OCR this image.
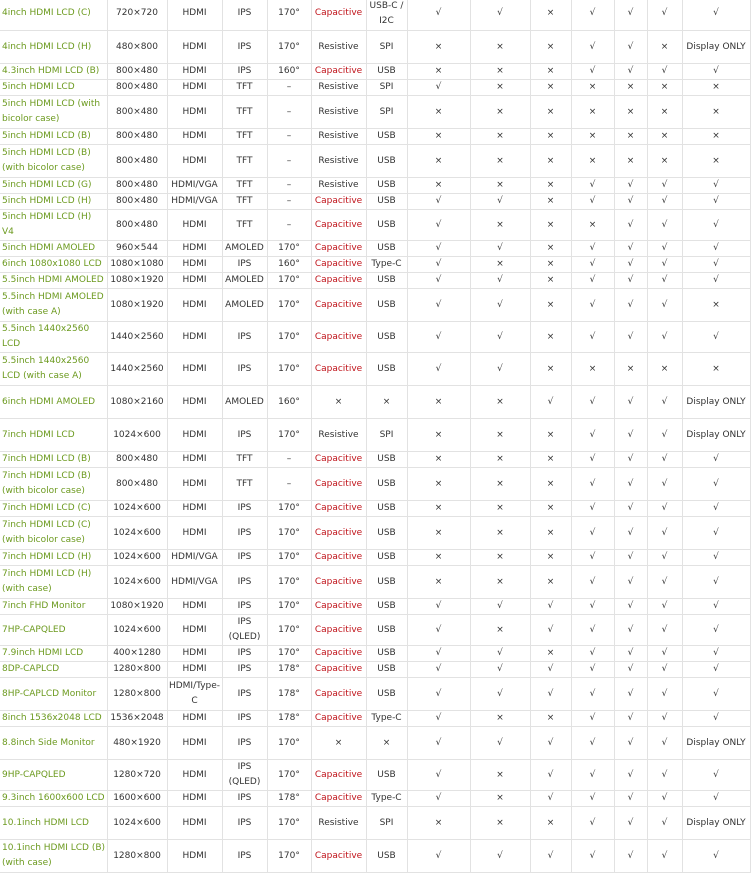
4inch HDMI LCD (C)	720×720	HDMI	IPS	170°	Capacitive	USB-C / I2C	√	√	×	√	√	√	√
4inch HDMI LCD (H)	480×800	HDMI	IPS	170°	Resistive	SPI	×	×	×	√	√	×	Display ONLY
4.3inch HDMI LCD (B)	800×480	HDMI	IPS	160°	Capacitive	USB	×	×	×	√	√	√	√
5inch HDMI LCD	800×480	HDMI	TFT	–	Resistive	SPI	√	×	×	×	×	×	×
5inch HDMI LCD (with bicolor case)	800×480	HDMI	TFT	–	Resistive	SPI	×	×	×	×	×	×	×
5inch HDMI LCD (B)	800×480	HDMI	TFT	–	Resistive	USB	×	×	×	×	×	×	×
5inch HDMI LCD (B) (with bicolor case)	800×480	HDMI	TFT	–	Resistive	USB	×	×	×	×	×	×	×
5inch HDMI LCD (G)	800×480	HDMI/VGA	TFT	–	Resistive	USB	×	×	×	√	√	√	√
5inch HDMI LCD (H)	800×480	HDMI/VGA	TFT	–	Capacitive	USB	√	√	×	√	√	√	√
5inch HDMI LCD (H) V4	800×480	HDMI	TFT	–	Capacitive	USB	√	×	×	×	√	√	√
5inch HDMI AMOLED	960×544	HDMI	AMOLED	170°	Capacitive	USB	√	√	×	√	√	√	√
6inch 1080x1080 LCD	1080×1080	HDMI	IPS	160°	Capacitive	Type-C	√	×	×	√	√	√	√
5.5inch HDMI AMOLED	1080×1920	HDMI	AMOLED	170°	Capacitive	USB	√	√	×	√	√	√	√
5.5inch HDMI AMOLED (with case A)	1080×1920	HDMI	AMOLED	170°	Capacitive	USB	√	√	×	√	√	√	×
5.5inch 1440x2560 LCD	1440×2560	HDMI	IPS	170°	Capacitive	USB	√	√	×	√	√	√	√
5.5inch 1440x2560 LCD (with case A)	1440×2560	HDMI	IPS	170°	Capacitive	USB	√	√	×	×	×	×	×
6inch HDMI AMOLED	1080×2160	HDMI	AMOLED	160°	×	×	×	×	√	√	√	√	Display ONLY
7inch HDMI LCD	1024×600	HDMI	IPS	170°	Resistive	SPI	×	×	×	√	√	√	Display ONLY
7inch HDMI LCD (B)	800×480	HDMI	TFT	–	Capacitive	USB	×	×	×	√	√	√	√
7inch HDMI LCD (B) (with bicolor case)	800×480	HDMI	TFT	–	Capacitive	USB	×	×	×	√	√	√	√
7inch HDMI LCD (C)	1024×600	HDMI	IPS	170°	Capacitive	USB	×	×	×	√	√	√	√
7inch HDMI LCD (C) (with bicolor case)	1024×600	HDMI	IPS	170°	Capacitive	USB	×	×	×	√	√	√	√
7inch HDMI LCD (H)	1024×600	HDMI/VGA	IPS	170°	Capacitive	USB	×	×	×	√	√	√	√
7inch HDMI LCD (H) (with case)	1024×600	HDMI/VGA	IPS	170°	Capacitive	USB	×	×	×	√	√	√	√
7inch FHD Monitor	1080×1920	HDMI	IPS	170°	Capacitive	USB	√	√	√	√	√	√	√
7HP-CAPQLED	1024×600	HDMI	IPS (QLED)	170°	Capacitive	USB	√	×	√	√	√	√	√
7.9inch HDMI LCD	400×1280	HDMI	IPS	170°	Capacitive	USB	√	√	×	√	√	√	√
8DP-CAPLCD	1280×800	HDMI	IPS	178°	Capacitive	USB	√	√	√	√	√	√	√
8HP-CAPLCD Monitor	1280×800	HDMI/Type-C	IPS	178°	Capacitive	USB	√	√	√	√	√	√	√
8inch 1536x2048 LCD	1536×2048	HDMI	IPS	178°	Capacitive	Type-C	√	×	×	√	√	√	√
8.8inch Side Monitor	480×1920	HDMI	IPS	170°	×	×	√	√	√	√	√	√	Display ONLY
9HP-CAPQLED	1280×720	HDMI	IPS (QLED)	170°	Capacitive	USB	√	×	√	√	√	√	√
9.3inch 1600x600 LCD	1600×600	HDMI	IPS	178°	Capacitive	Type-C	√	×	√	√	√	√	√
10.1inch HDMI LCD	1024×600	HDMI	IPS	170°	Resistive	SPI	×	×	×	√	√	√	Display ONLY
10.1inch HDMI LCD (B) (with case)	1280×800	HDMI	IPS	170°	Capacitive	USB	√	√	√	√	√	√	√
